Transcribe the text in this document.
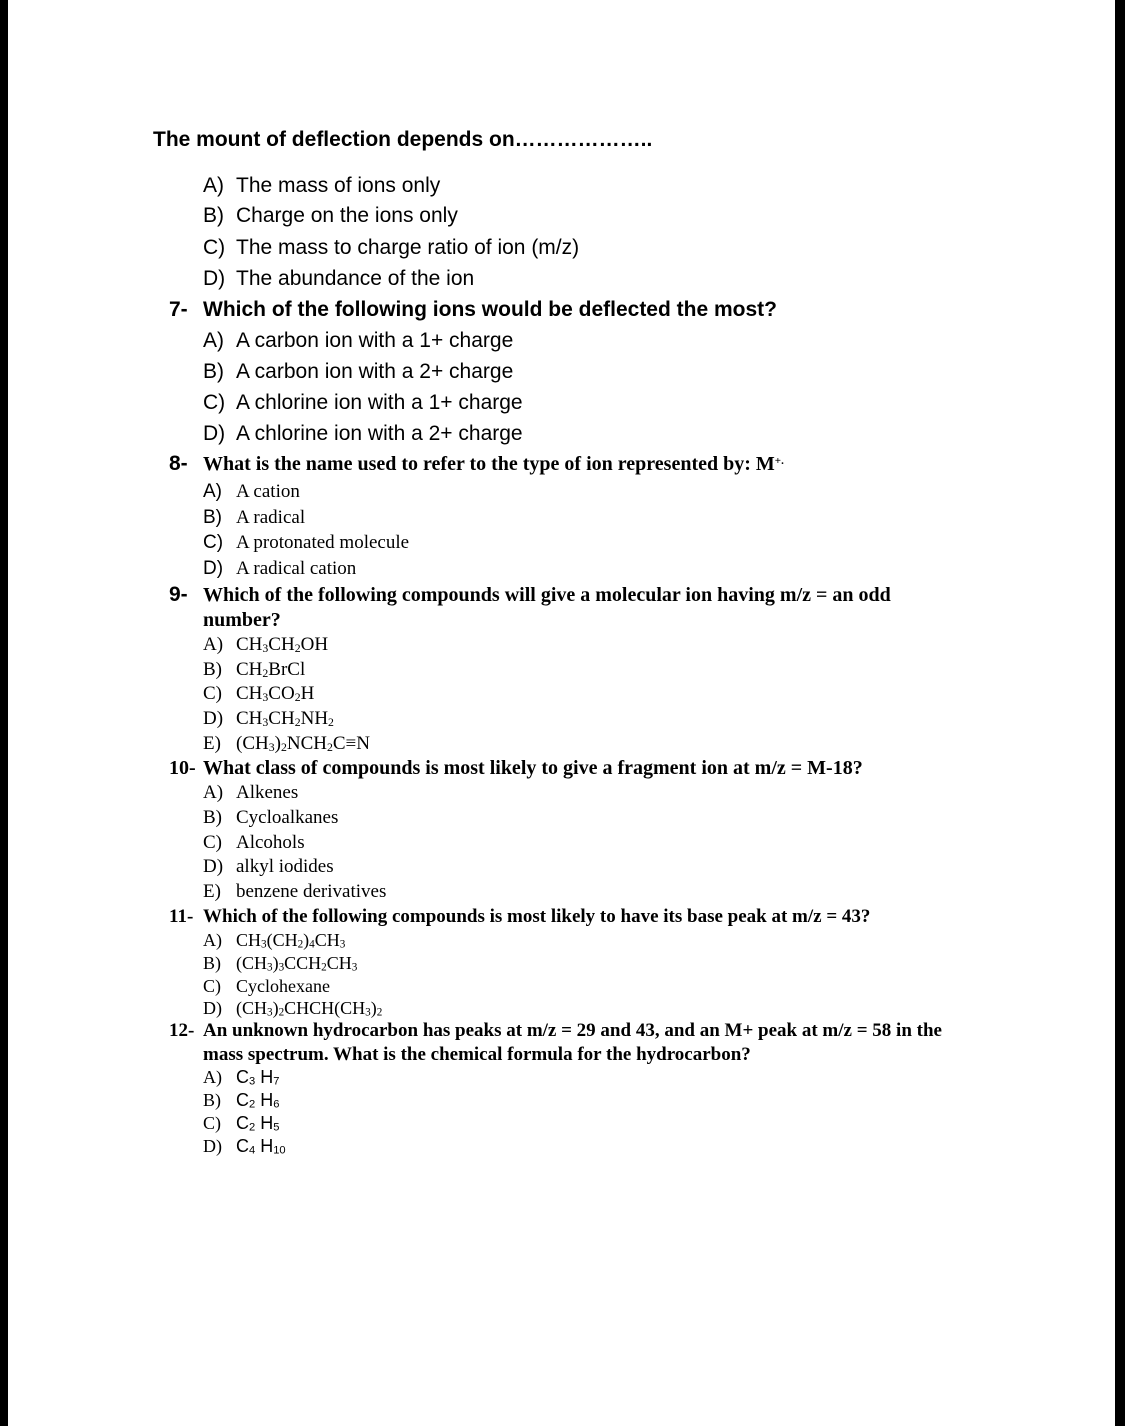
The mount of deflection depends on………………..
A) The mass of ions only
B) Charge on the ions only
C) The mass to charge ratio of ion (m/z)
D) The abundance of the ion
7- Which of the following ions would be deflected the most?
A) A carbon ion with a 1+ charge
B) A carbon ion with a 2+ charge
C) A chlorine ion with a 1+ charge
D) A chlorine ion with a 2+ charge
8- What is the name used to refer to the type of ion represented by: M+.
A) A cation
B) A radical
C) A protonated molecule
D) A radical cation
9- Which of the following compounds will give a molecular ion having m/z = an odd
number?
A) $CH_3CH_2OH$
B) $CH_2BrCl$
C) $CH_3CO_2H$
D) $CH_3CH_2NH_2$
E) $(CH_3)_2NCH_2C\equiv N$
10- What class of compounds is most likely to give a fragment ion at m/z = M-18?
A) Alkenes
B) Cycloalkanes
C) Alcohols
D) alkyl iodides
E) benzene derivatives
11- Which of the following compounds is most likely to have its base peak at m/z = 43?
A) $CH_3(CH_2)_4CH_3$
B) $(CH_3)_3CCH_2CH_3$
C) Cyclohexane
D) $(CH_3)_2CHCH(CH_3)_2$
12- An unknown hydrocarbon has peaks at m/z = 29 and 43, and an M+ peak at m/z = 58 in the
mass spectrum. What is the chemical formula for the hydrocarbon?
A) $C_3$ $H_7$
B) $C_2$ $H_6$
C) $C_2$ $H_5$
D) $C_4$ $H_{10}$
